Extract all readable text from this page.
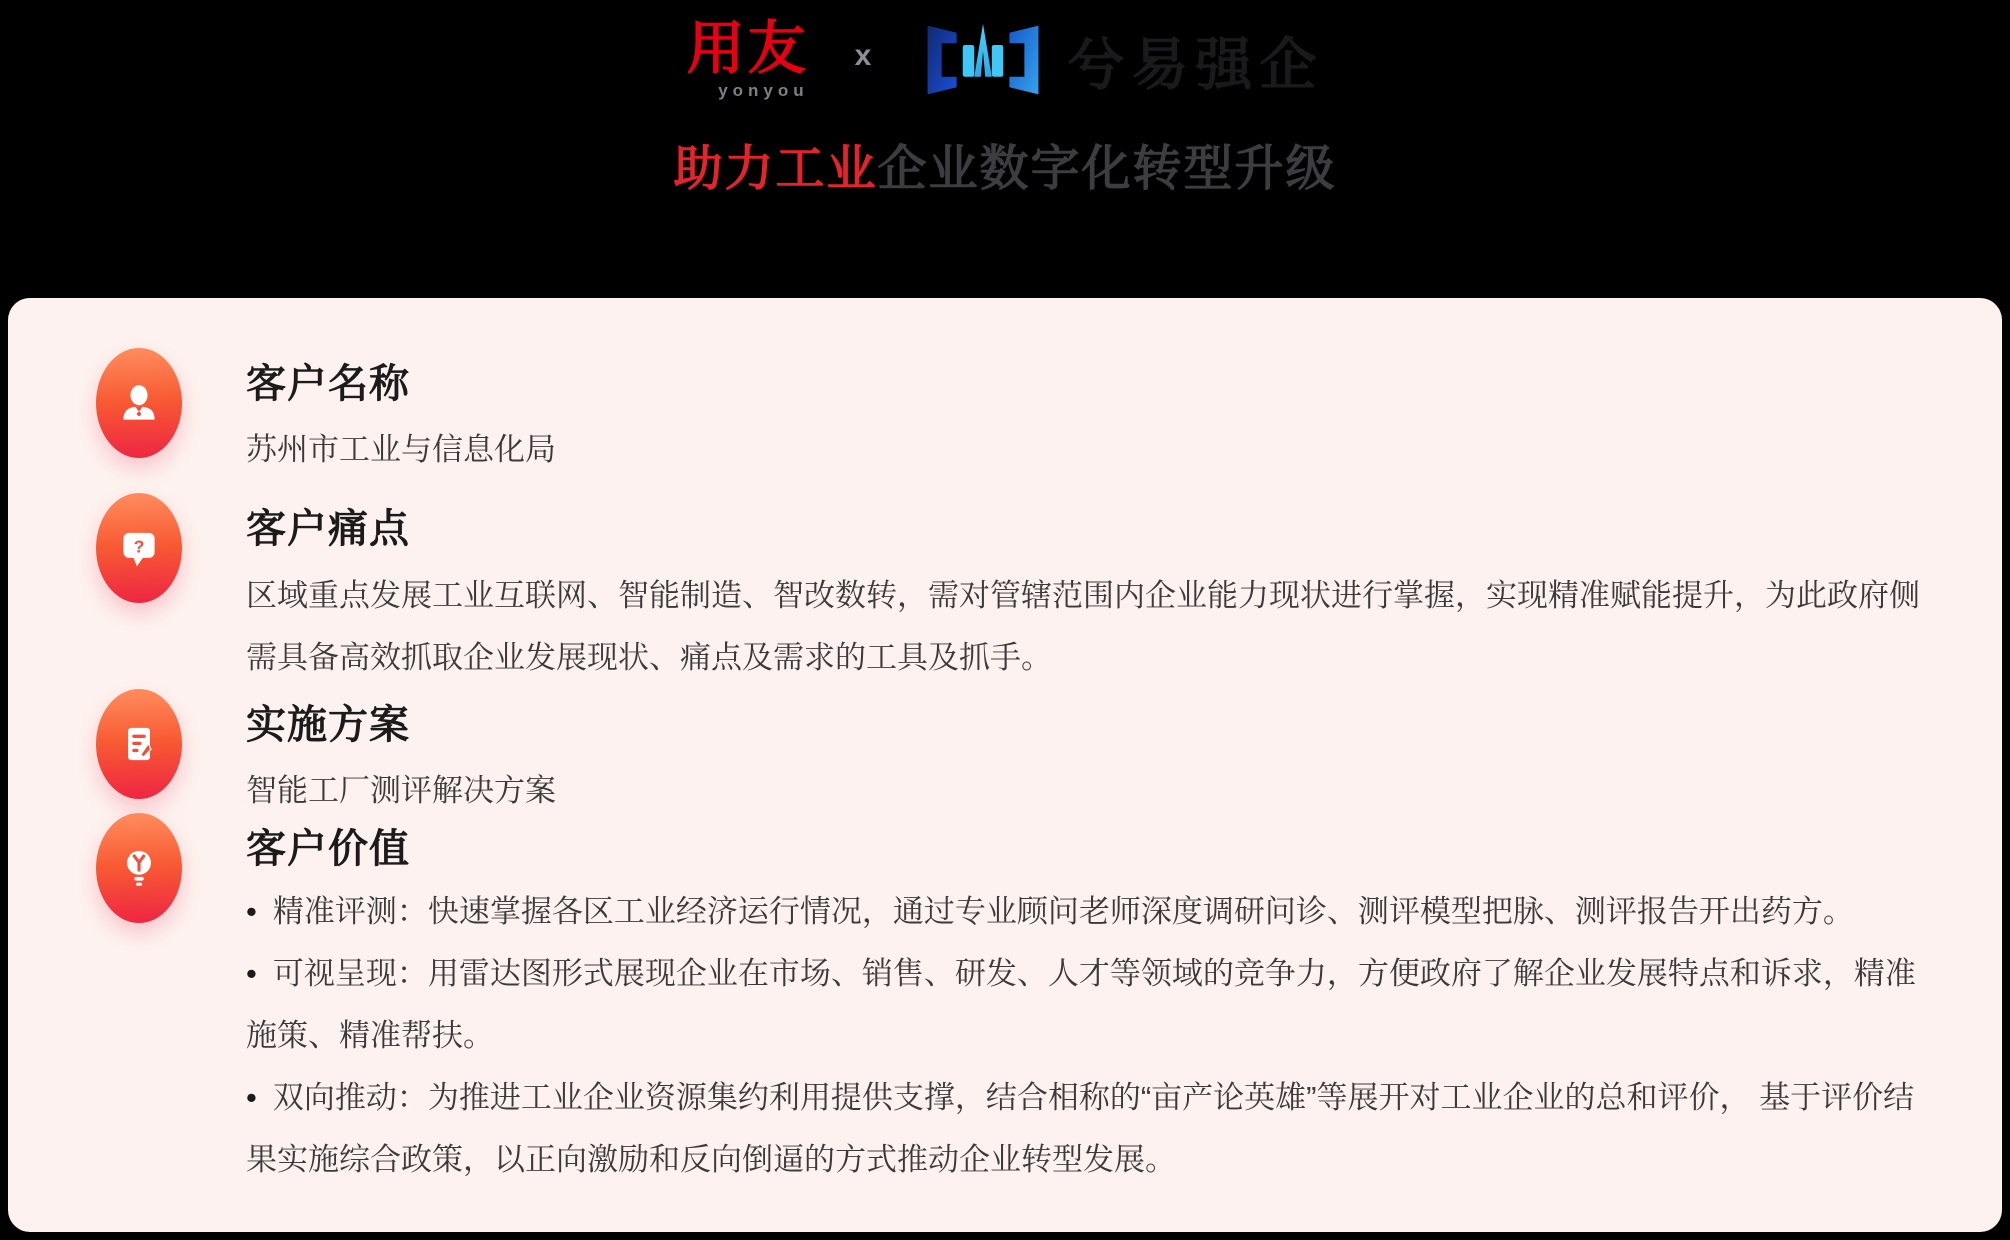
用友
yonyou
x	兮易强企
助力工业企业数字化转型升级
客户名称
苏州市工业与信息化局
?	客户痛点
区域重点发展工业互联网、智能制造、智改数转，需对管辖范围内企业能力现状进行掌握，实现精准赋能提升，为此政府侧需具备高效抓取企业发展现状、痛点及需求的工具及抓手。
实施方案
智能工厂测评解决方案
客户价值
• 精准评测：快速掌握各区工业经济运行情况，通过专业顾问老师深度调研问诊、测评模型把脉、测评报告开出药方。
• 可视呈现：用雷达图形式展现企业在市场、销售、研发、人才等领域的竞争力，方便政府了解企业发展特点和诉求，精准施策、精准帮扶。
• 双向推动：为推进工业企业资源集约利用提供支撑，结合相称的“亩产论英雄”等展开对工业企业的总和评价， 基于评价结果实施综合政策，以正向激励和反向倒逼的方式推动企业转型发展。
